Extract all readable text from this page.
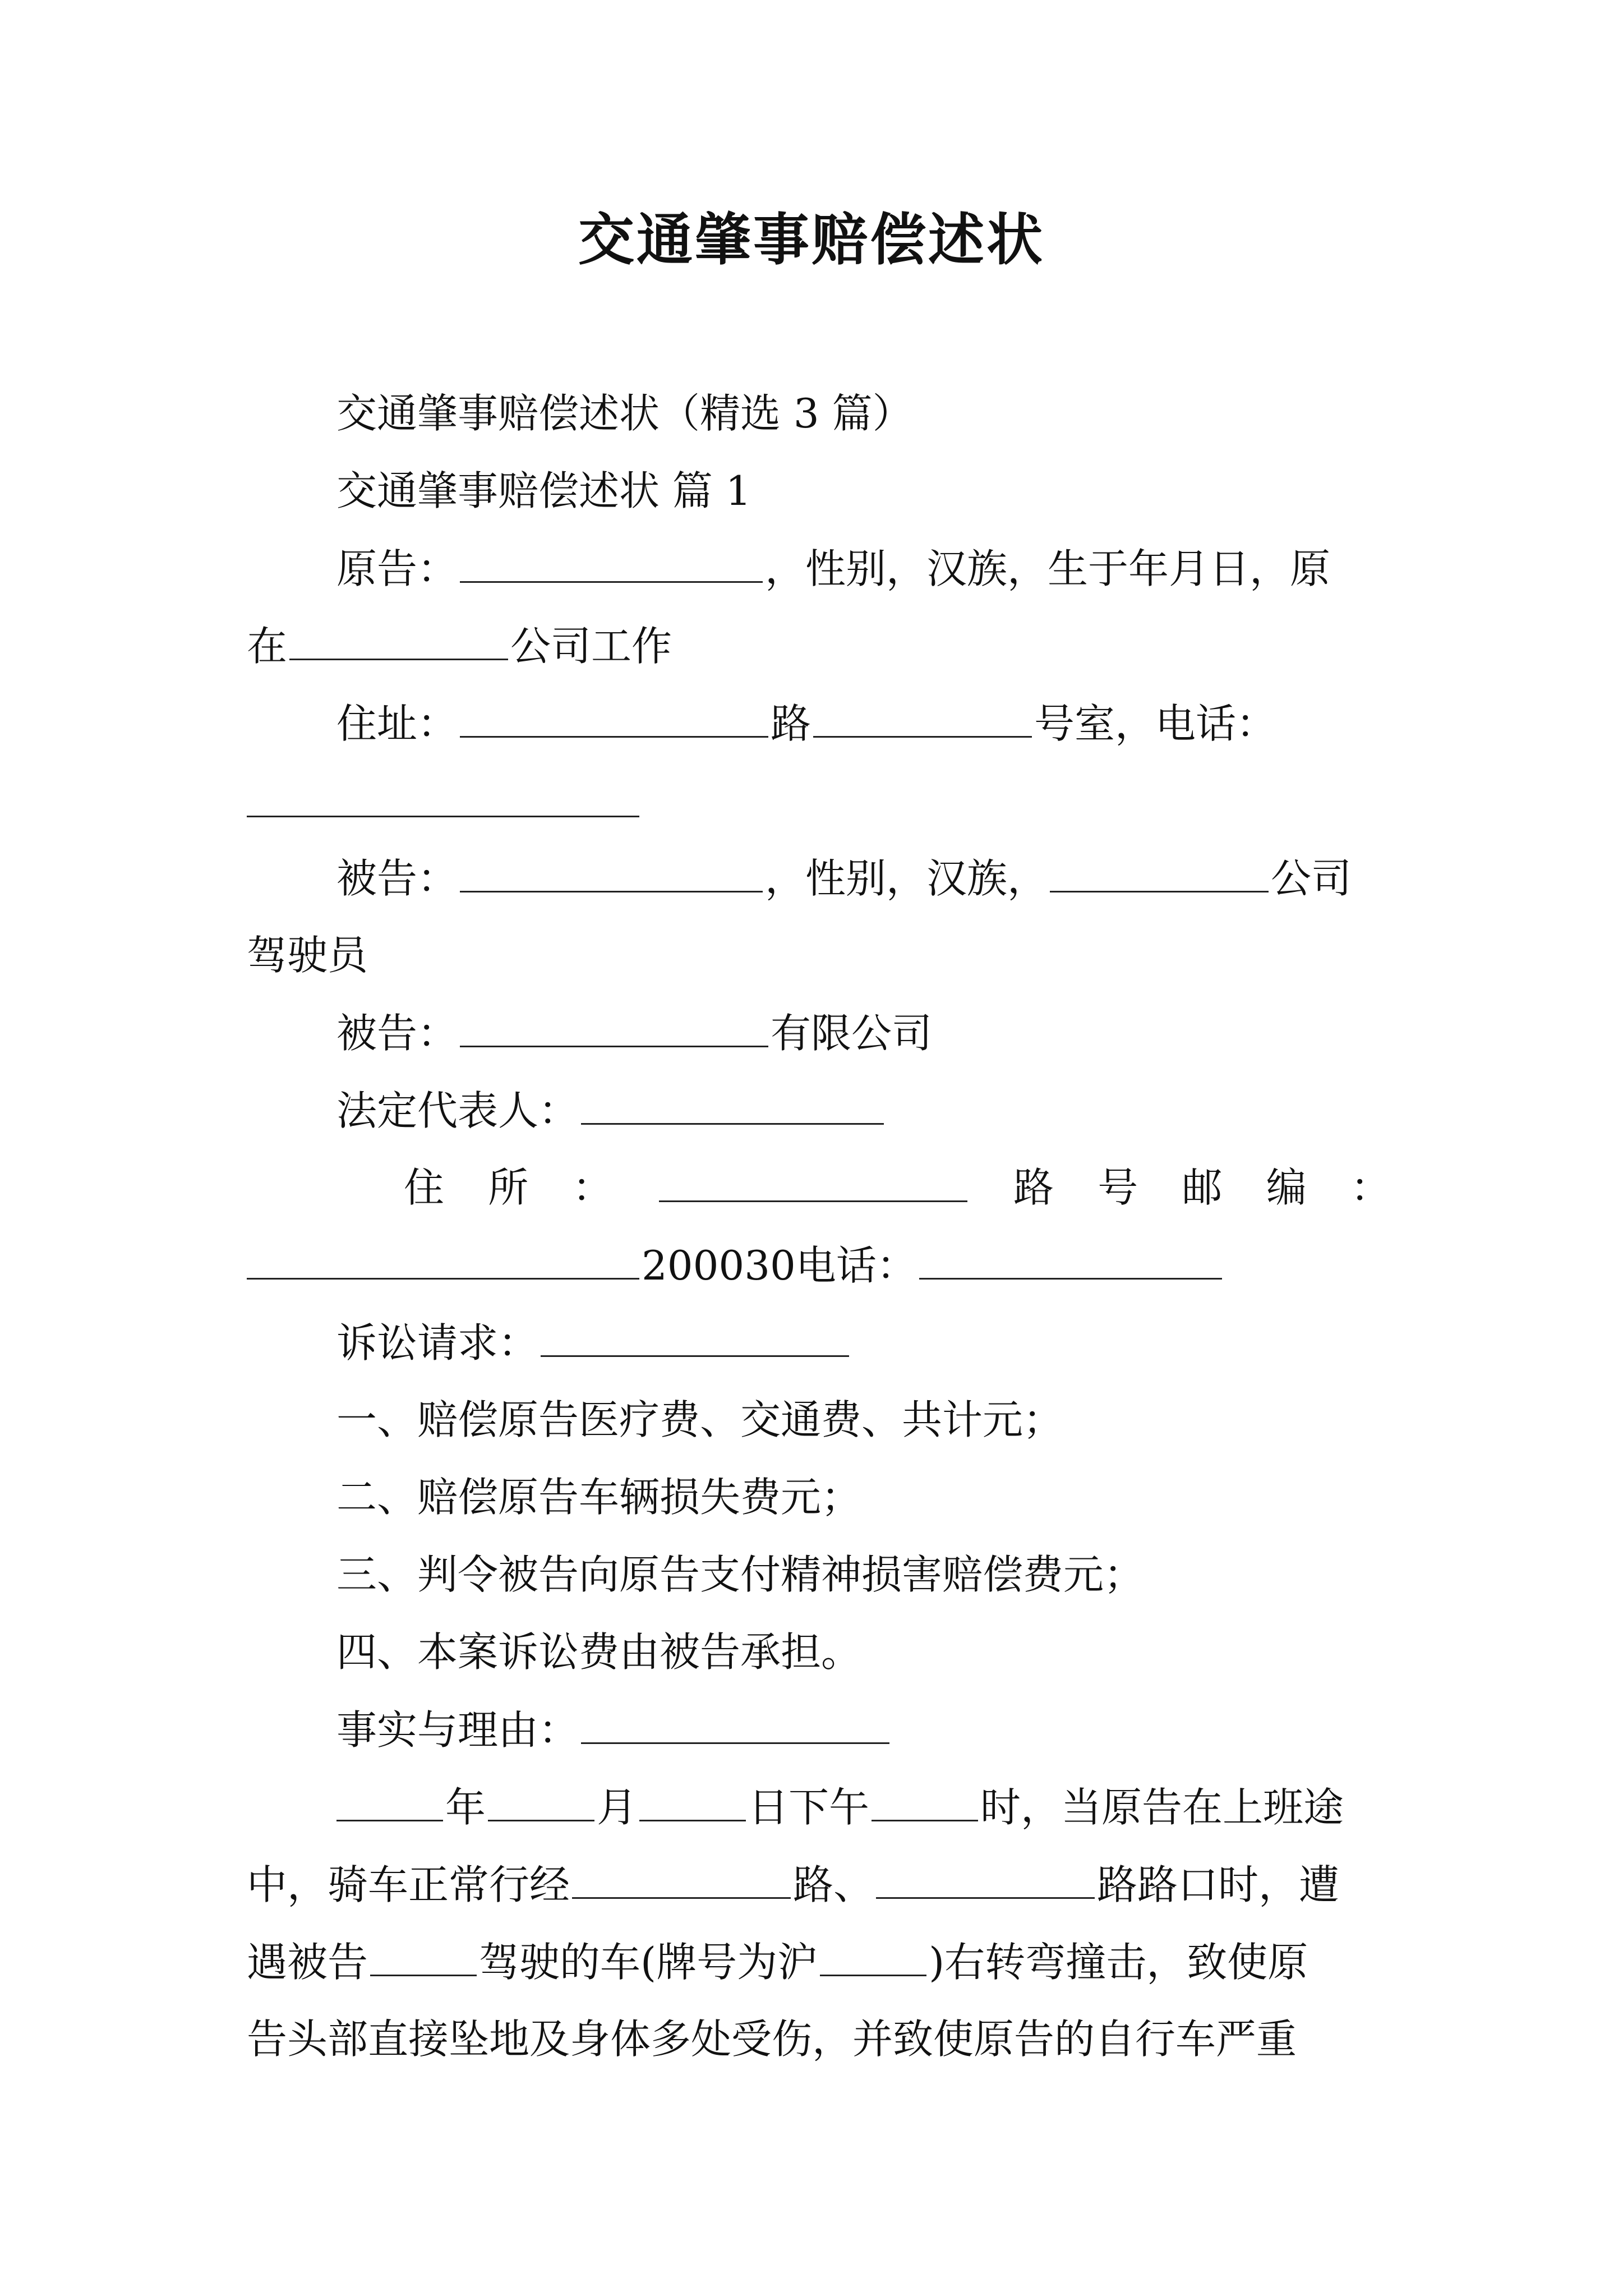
交通肇事赔偿述状

交通肇事赔偿述状（精选 3 篇）

交通肇事赔偿述状 篇 1

原告：	，性别，汉族，生于年月日，原

在	公司工作

住址：	路	号室，电话：

被告：	，性别，汉族，	公司

驾驶员

被告：	有限公司

法定代表人：

住 所 ：	路 号 邮 编 ：

200030电话：

诉讼请求：

一、赔偿原告医疗费、交通费、共计元；

二、赔偿原告车辆损失费元；

三、判令被告向原告支付精神损害赔偿费元；

四、本案诉讼费由被告承担。

事实与理由：

年	月	日下午	时，当原告在上班途

中，骑车正常行经	路、	路路口时，遭

遇被告	驾驶的车(牌号为沪	)右转弯撞击，致使原

告头部直接坠地及身体多处受伤，并致使原告的自行车严重
